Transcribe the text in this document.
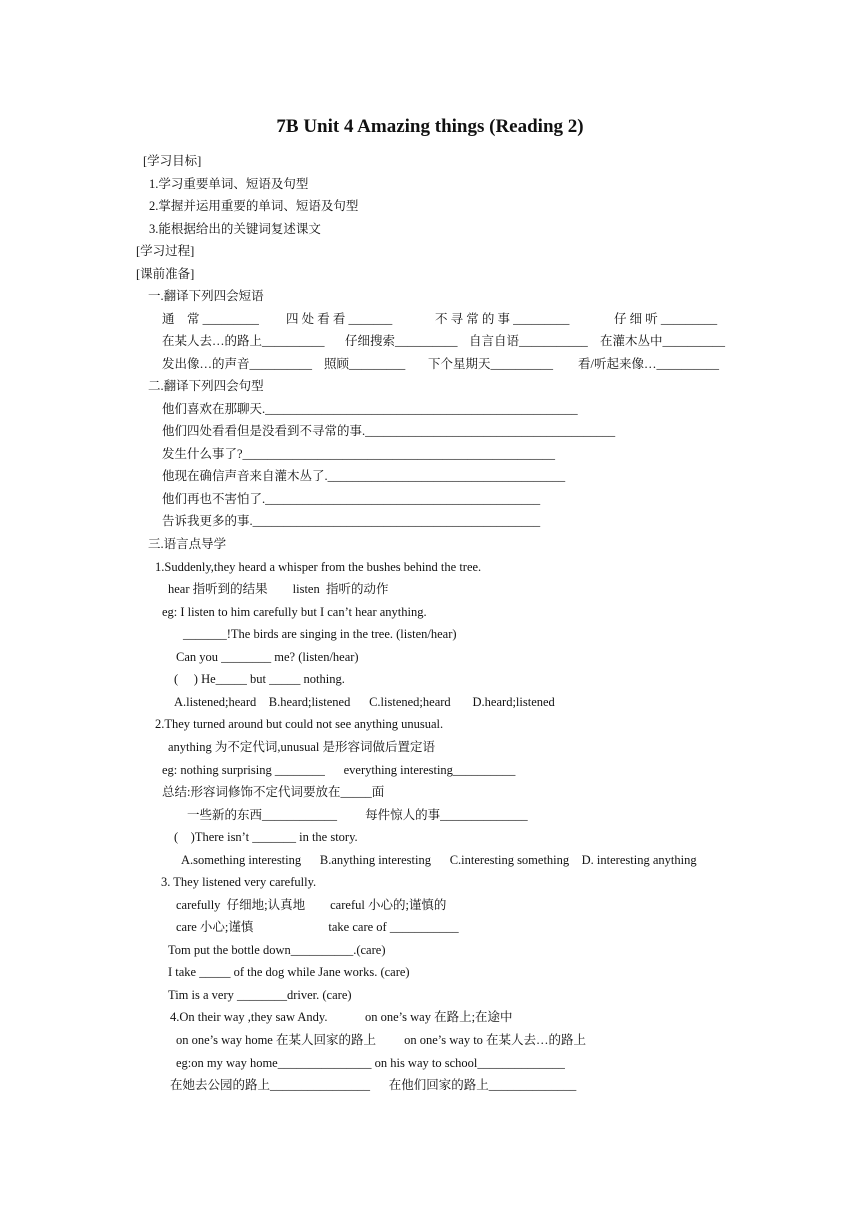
7B Unit 4 Amazing things (Reading 2)
[学习目标]
1.学习重要单词、短语及句型
2.掌握并运用重要的单词、短语及句型
3.能根据给出的关键词复述课文
[学习过程]
[课前准备]
一.翻译下列四会短语
通　常 _________ 四 处 看 看 _______	不 寻 常 的 事 _________	仔 细 听 _________
在某人去…的路上__________ 仔细搜索__________ 自言自语___________ 在灌木丛中__________
发出像…的声音__________ 照顾_________ 下个星期天__________ 看/听起来像…__________
二.翻译下列四会句型
他们喜欢在那聊天.__________________________________________________
他们四处看看但是没看到不寻常的事.________________________________________
发生什么事了?__________________________________________________
他现在确信声音来自灌木丛了.______________________________________
他们再也不害怕了.____________________________________________
告诉我更多的事.______________________________________________
三.语言点导学
1.Suddenly,they heard a whisper from the bushes behind the tree.
hear 指听到的结果　　listen  指听的动作
eg: I listen to him carefully but I can’t hear anything.
_______!The birds are singing in the tree. (listen/hear)
Can you ________ me? (listen/hear)
(　 ) He_____ but _____ nothing.
A.listened;heard    B.heard;listened      C.listened;heard       D.heard;listened
2.They turned around but could not see anything unusual.
anything 为不定代词,unusual 是形容词做后置定语
eg: nothing surprising ________      everything interesting__________
总结:形容词修饰不定代词要放在_____面
一些新的东西____________         每件惊人的事______________
(　)There isn’t _______ in the story.
A.something interesting      B.anything interesting      C.interesting something    D. interesting anything
3. They listened very carefully.
carefully  仔细地;认真地　　careful 小心的;谨慎的
care 小心;谨慎　　　　　　take care of ___________
Tom put the bottle down__________.(care)
I take _____ of the dog while Jane works. (care)
Tim is a very ________driver. (care)
4.On their way ,they saw Andy.            on one’s way 在路上;在途中
on one’s way home 在某人回家的路上　　 on one’s way to 在某人去…的路上
eg:on my way home_______________ on his way to school______________
在她去公园的路上________________      在他们回家的路上______________
